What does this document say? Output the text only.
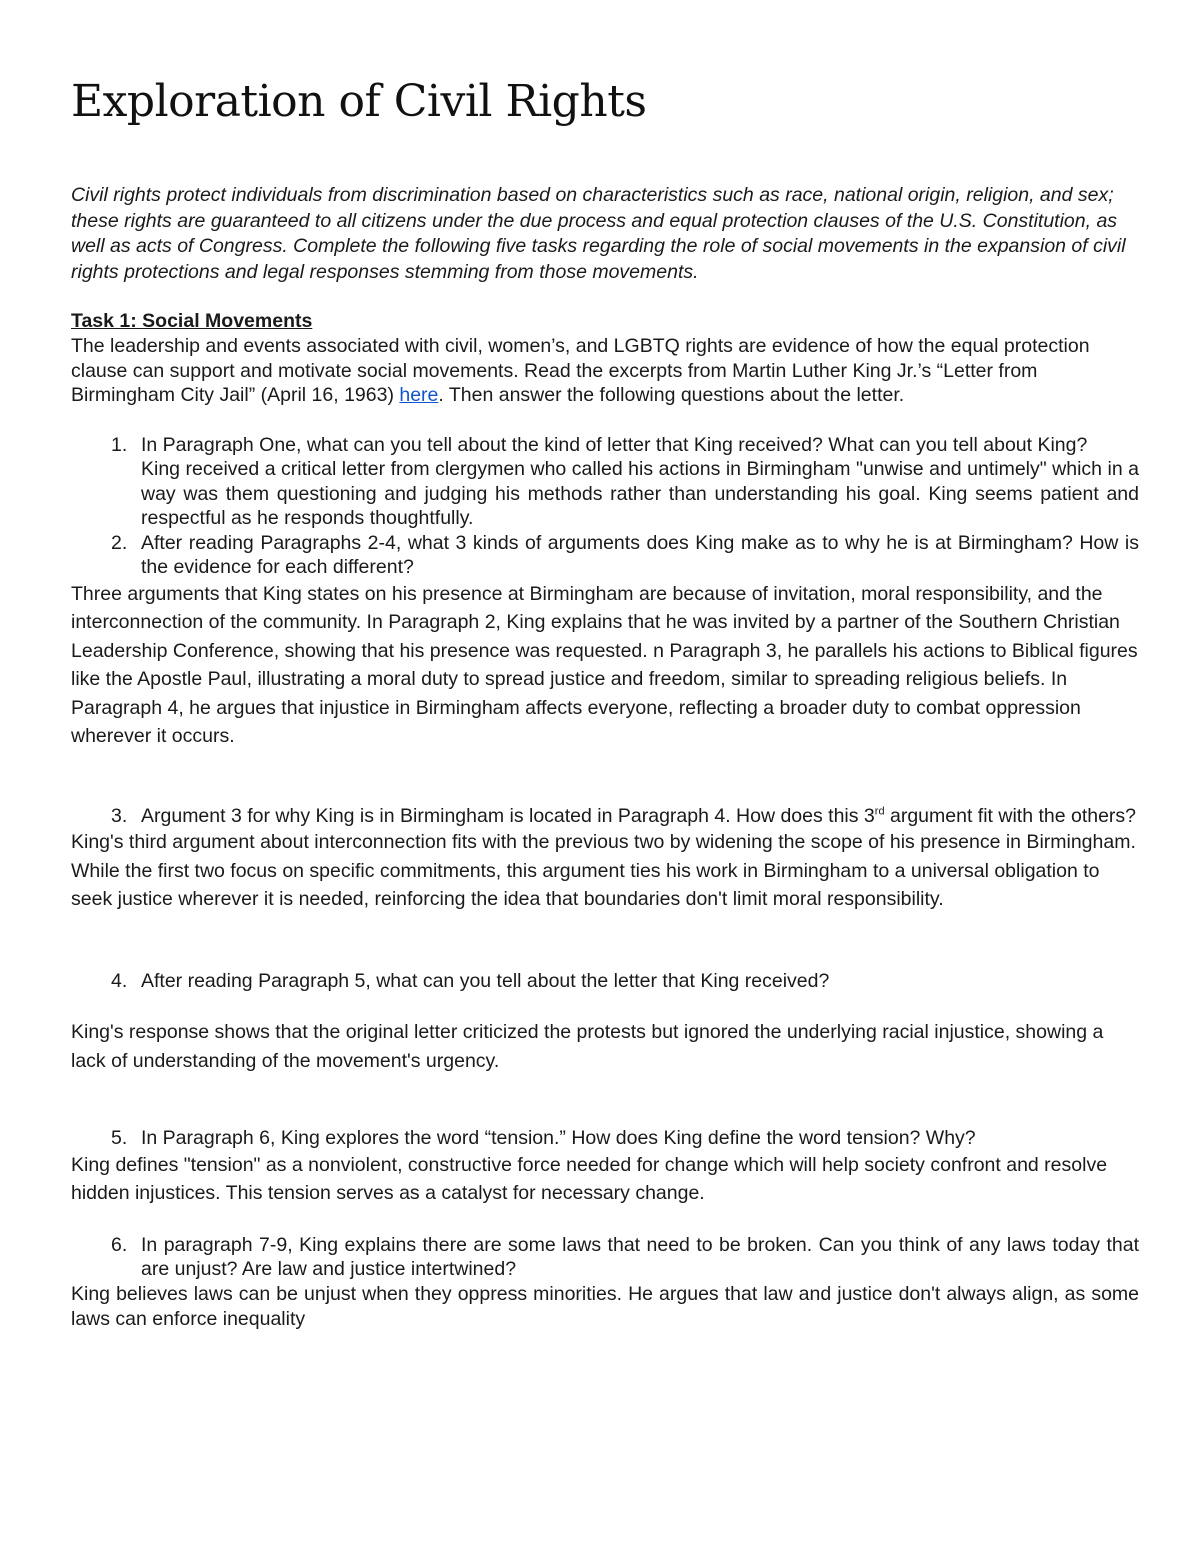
Exploration of Civil Rights

Civil rights protect individuals from discrimination based on characteristics such as race, national origin, religion, and sex; these rights are guaranteed to all citizens under the due process and equal protection clauses of the U.S. Constitution, as well as acts of Congress. Complete the following five tasks regarding the role of social movements in the expansion of civil rights protections and legal responses stemming from those movements.

Task 1: Social Movements

The leadership and events associated with civil, women’s, and LGBTQ rights are evidence of how the equal protection clause can support and motivate social movements. Read the excerpts from Martin Luther King Jr.’s “Letter from Birmingham City Jail” (April 16, 1963) here. Then answer the following questions about the letter.

1. In Paragraph One, what can you tell about the kind of letter that King received? What can you tell about King?
King received a critical letter from clergymen who called his actions in Birmingham "unwise and untimely" which in a way was them questioning and judging his methods rather than understanding his goal. King seems patient and respectful as he responds thoughtfully.
2. After reading Paragraphs 2-4, what 3 kinds of arguments does King make as to why he is at Birmingham? How is the evidence for each different?

Three arguments that King states on his presence at Birmingham are because of invitation, moral responsibility, and the interconnection of the community. In Paragraph 2, King explains that he was invited by a partner of the Southern Christian Leadership Conference, showing that his presence was requested. n Paragraph 3, he parallels his actions to Biblical figures like the Apostle Paul, illustrating a moral duty to spread justice and freedom, similar to spreading religious beliefs. In Paragraph 4, he argues that injustice in Birmingham affects everyone, reflecting a broader duty to combat oppression wherever it occurs.

3. Argument 3 for why King is in Birmingham is located in Paragraph 4. How does this 3rd argument fit with the others?

King's third argument about interconnection fits with the previous two by widening the scope of his presence in Birmingham. While the first two focus on specific commitments, this argument ties his work in Birmingham to a universal obligation to seek justice wherever it is needed, reinforcing the idea that boundaries don't limit moral responsibility.

4. After reading Paragraph 5, what can you tell about the letter that King received?

King's response shows that the original letter criticized the protests but ignored the underlying racial injustice, showing a lack of understanding of the movement's urgency.

5. In Paragraph 6, King explores the word “tension.” How does King define the word tension? Why?

King defines "tension" as a nonviolent, constructive force needed for change which will help society confront and resolve hidden injustices. This tension serves as a catalyst for necessary change.

6. In paragraph 7-9, King explains there are some laws that need to be broken. Can you think of any laws today that are unjust? Are law and justice intertwined?

King believes laws can be unjust when they oppress minorities. He argues that law and justice don't always align, as some laws can enforce inequality
